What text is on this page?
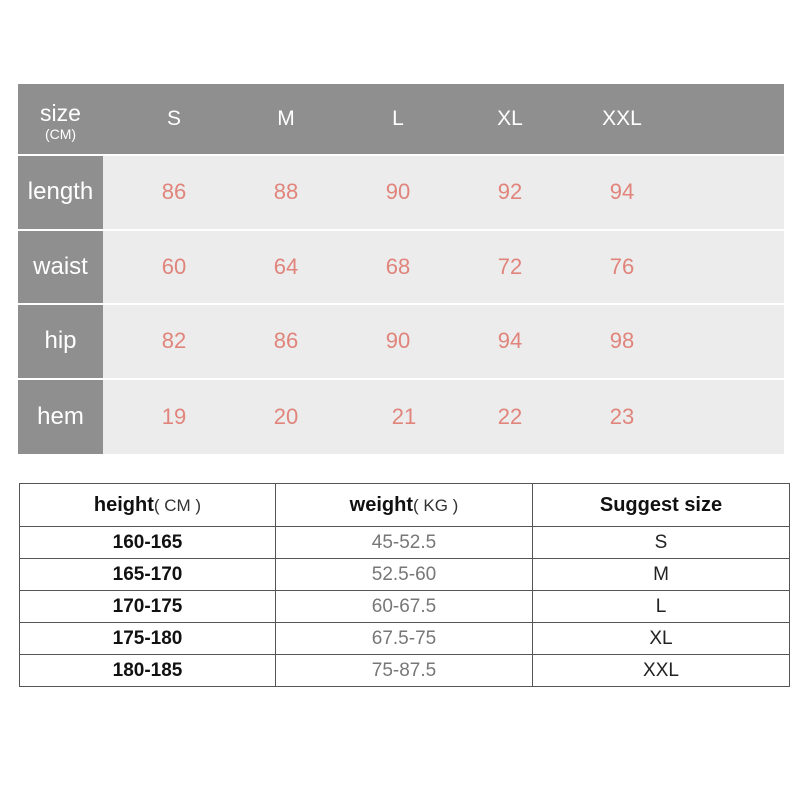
size
(CM)
S	M	L	XL	XXL
length	86	88	90	92	94
waist	60	64	68	72	76
hip	82	86	90	94	98
hem	19	20	21	22	23
height( CM )	weight( KG )	Suggest size
160-165	45-52.5	S
165-170	52.5-60	M
170-175	60-67.5	L
175-180	67.5-75	XL
180-185	75-87.5	XXL
